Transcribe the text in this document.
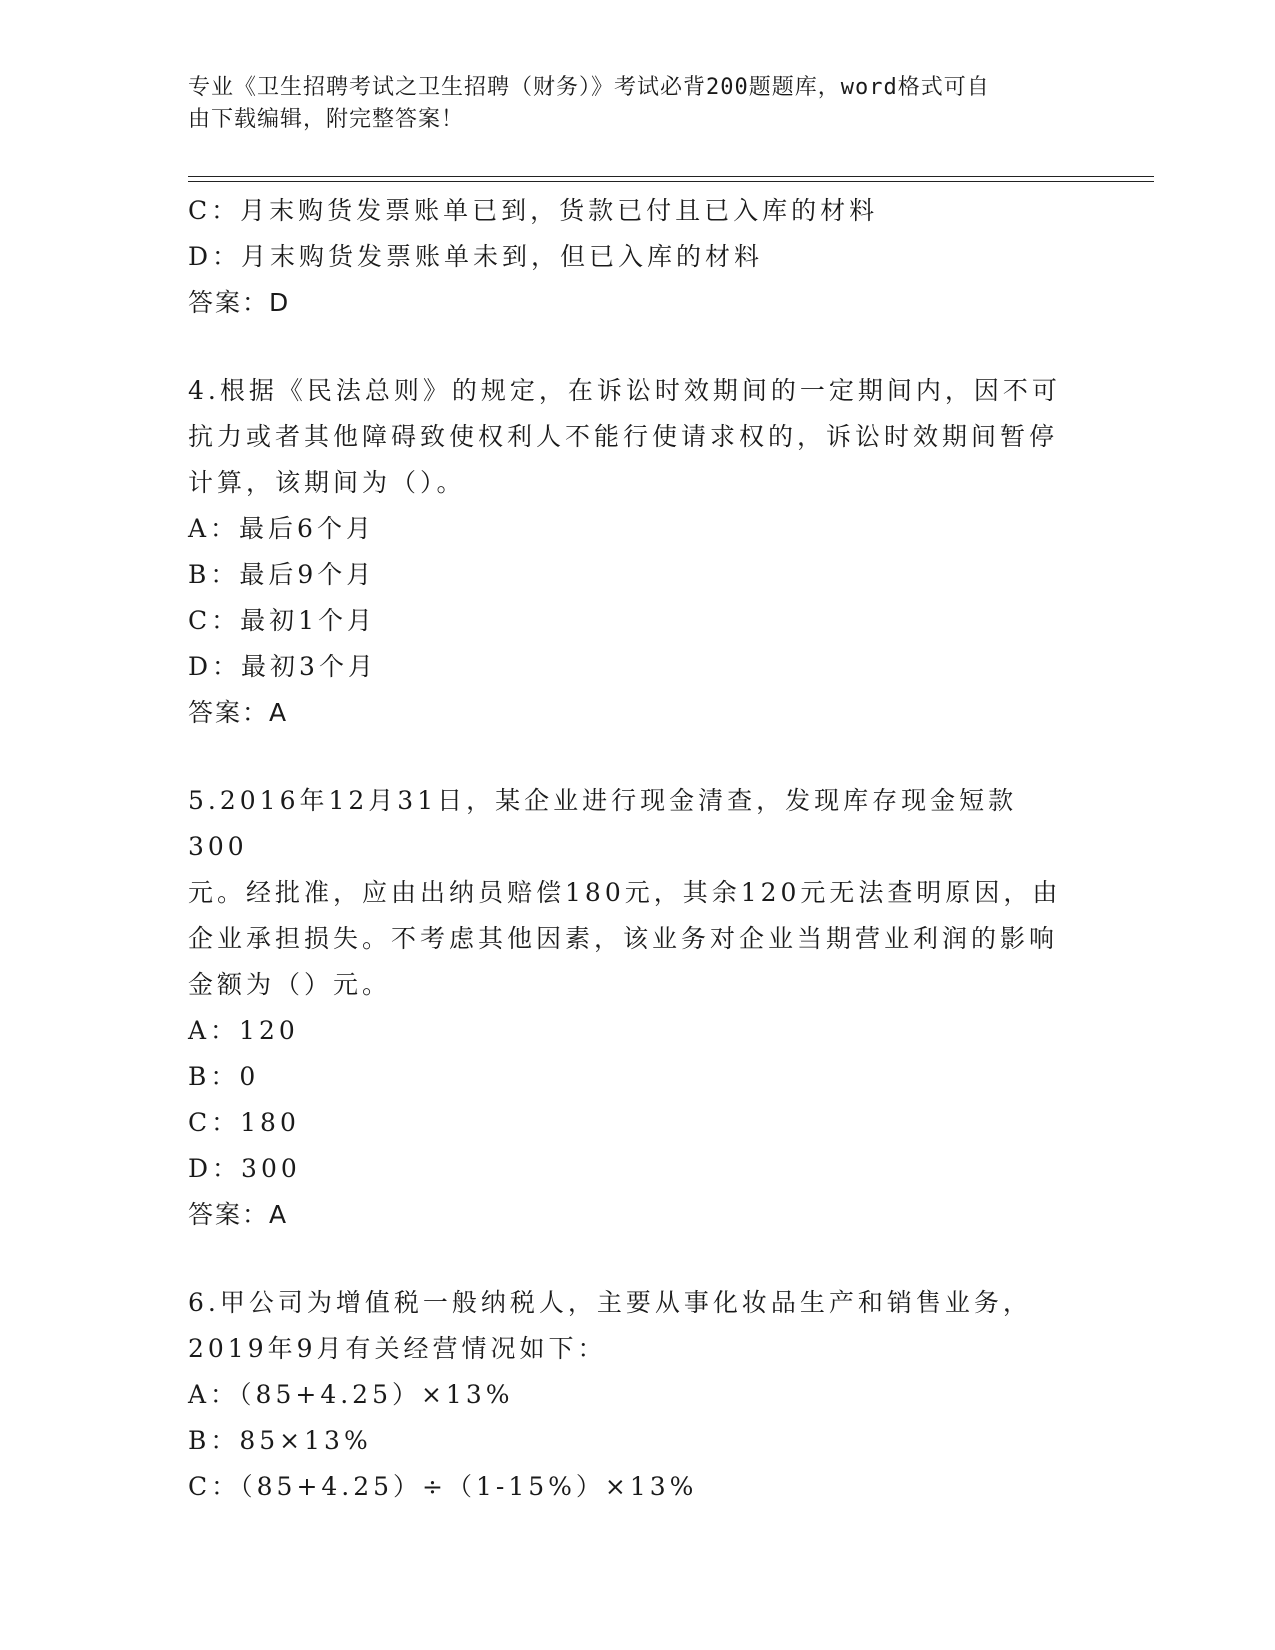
专业《卫生招聘考试之卫生招聘（财务）》考试必背200题题库，word格式可自
由下载编辑，附完整答案！
C：月末购货发票账单已到，货款已付且已入库的材料
D：月末购货发票账单未到，但已入库的材料
答案：D
4.根据《民法总则》的规定，在诉讼时效期间的一定期间内，因不可
抗力或者其他障碍致使权利人不能行使请求权的，诉讼时效期间暂停
计算，该期间为（）。
A：最后6个月
B：最后9个月
C：最初1个月
D：最初3个月
答案：A
5.2016年12月31日，某企业进行现金清查，发现库存现金短款300
元。经批准，应由出纳员赔偿180元，其余120元无法查明原因，由
企业承担损失。不考虑其他因素，该业务对企业当期营业利润的影响
金额为（）元。
A：120
B：0
C：180
D：300
答案：A
6.甲公司为增值税一般纳税人，主要从事化妆品生产和销售业务，
2019年9月有关经营情况如下：
A：（85+4.25）×13%
B：85×13%
C：（85+4.25）÷（1-15%）×13%
